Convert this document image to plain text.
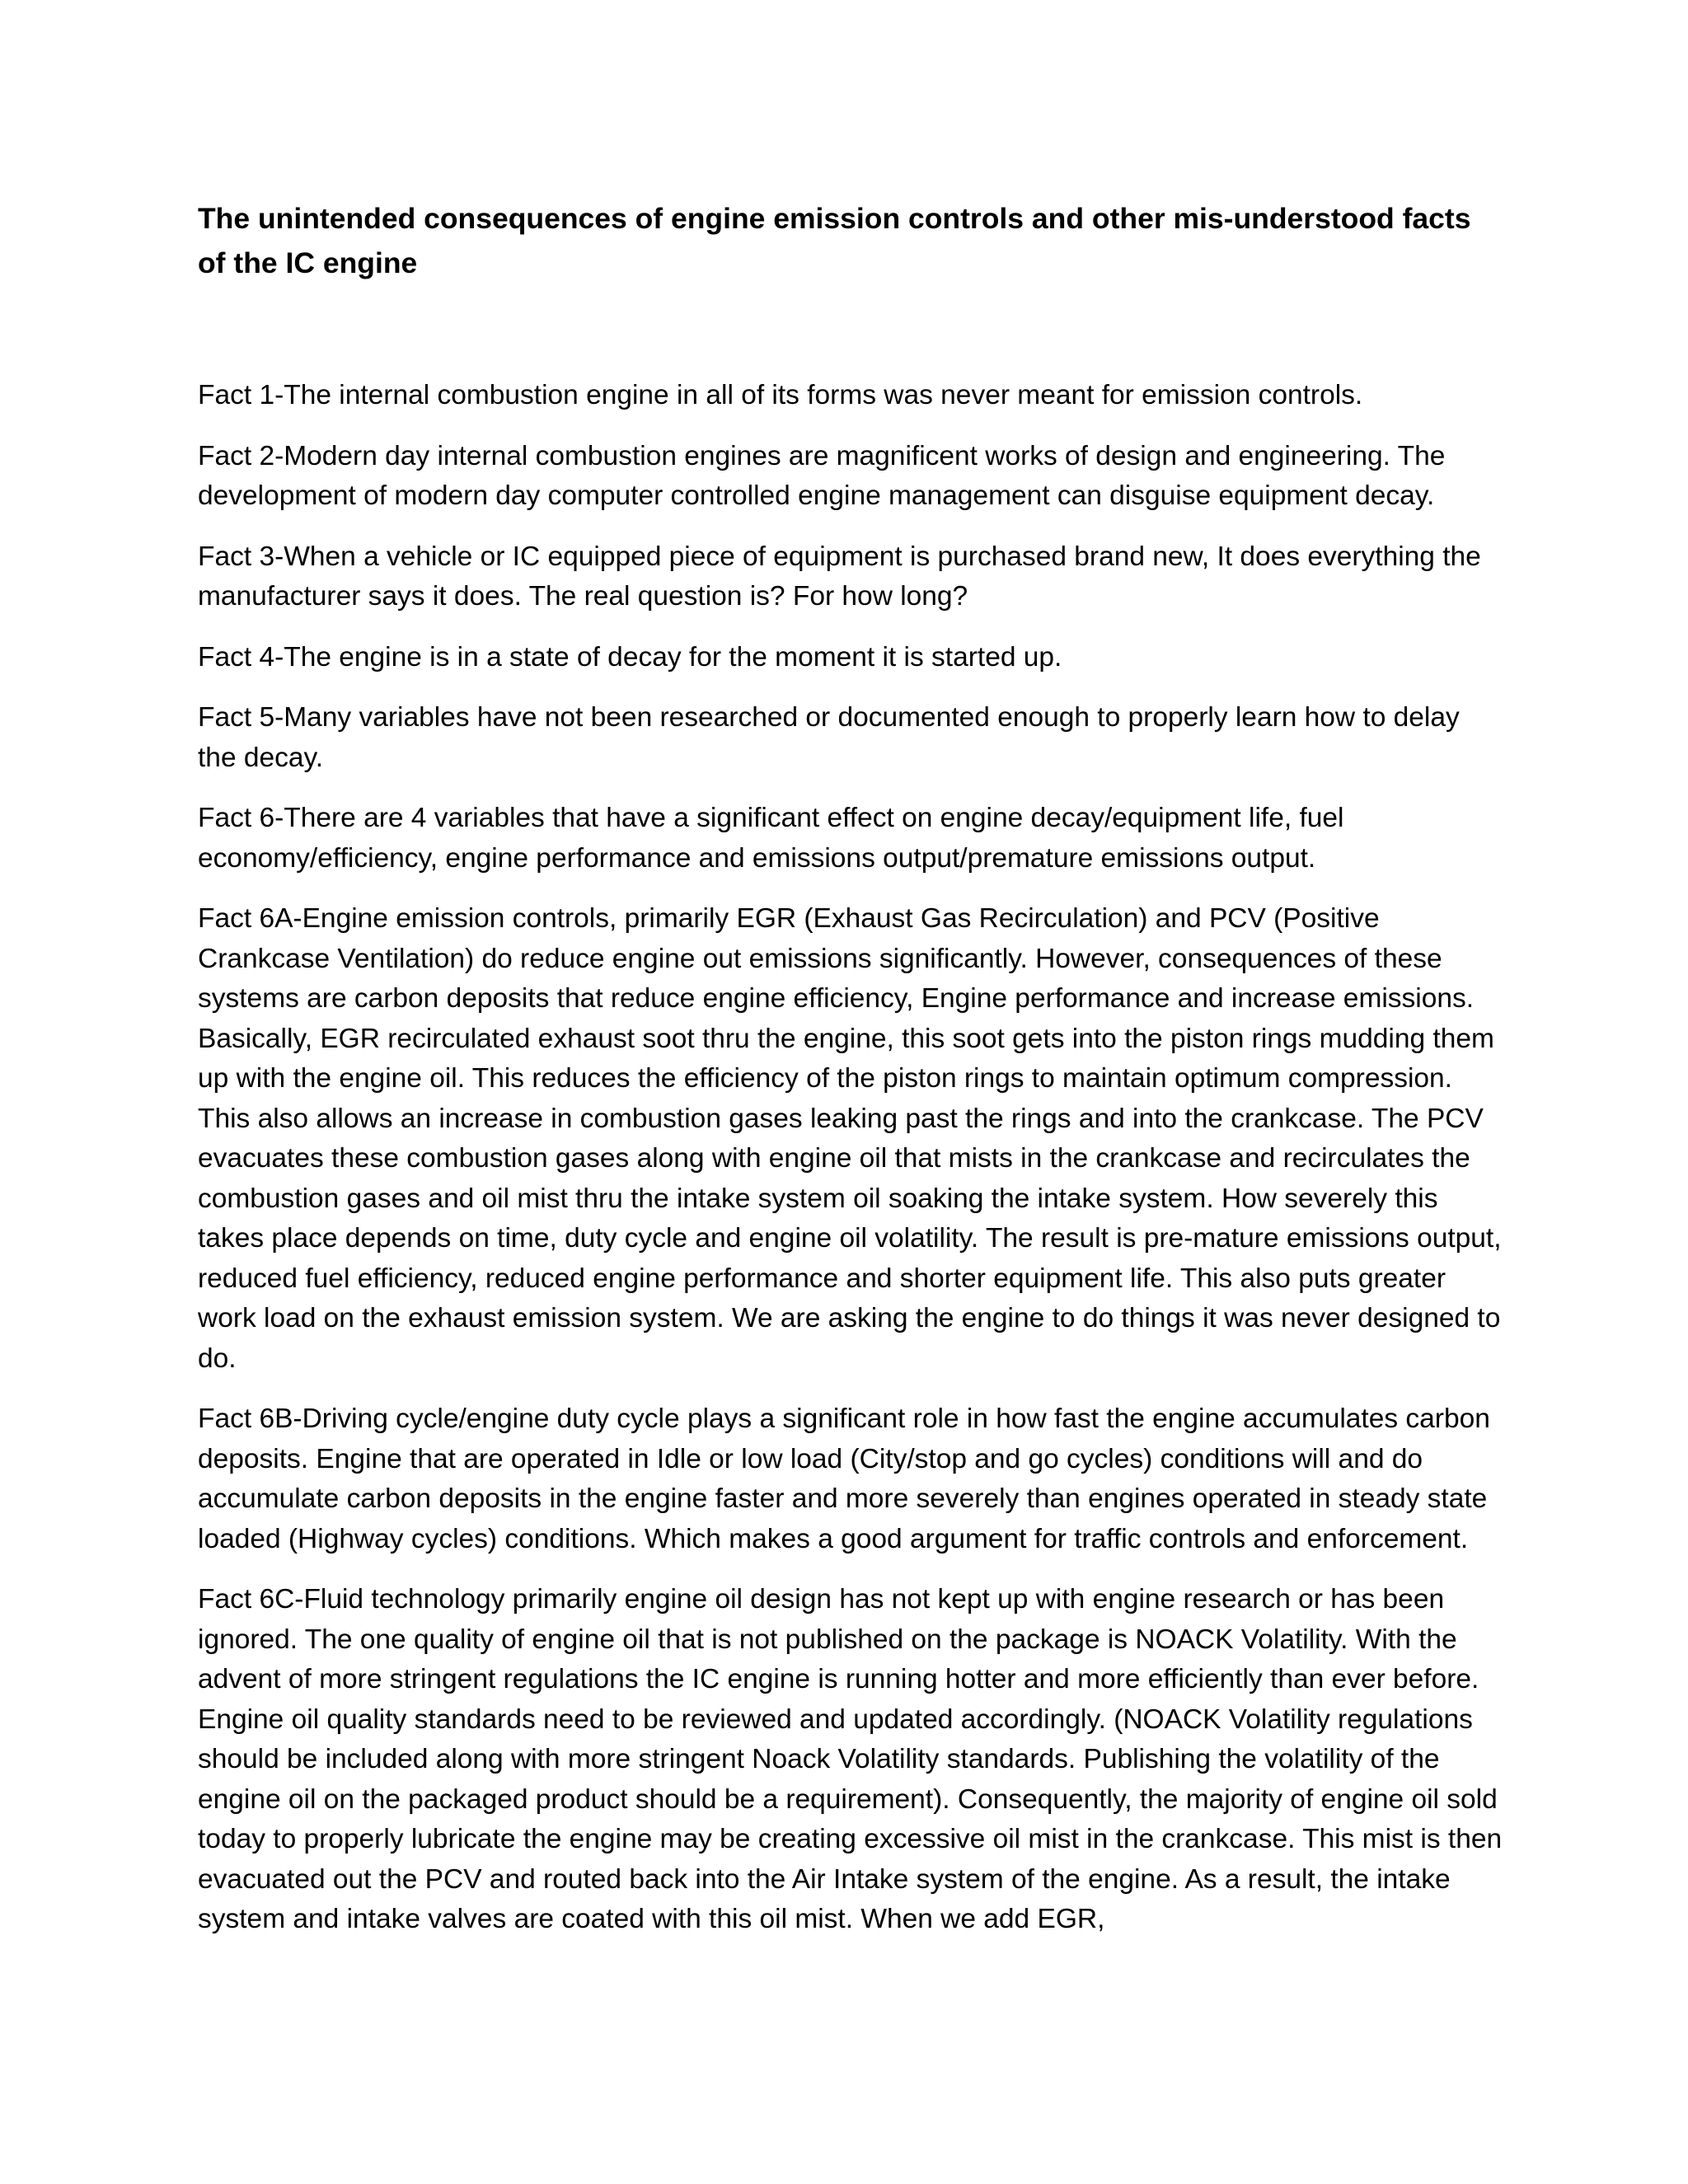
The unintended consequences of engine emission controls and other mis-understood facts of the IC engine

Fact 1-The internal combustion engine in all of its forms was never meant for emission controls.

Fact 2-Modern day internal combustion engines are magnificent works of design and engineering. The development of modern day computer controlled engine management can disguise equipment decay.

Fact 3-When a vehicle or IC equipped piece of equipment is purchased brand new, It does everything the manufacturer says it does. The real question is? For how long?

Fact 4-The engine is in a state of decay for the moment it is started up.

Fact 5-Many variables have not been researched or documented enough to properly learn how to delay the decay.

Fact 6-There are 4 variables that have a significant effect on engine decay/equipment life, fuel economy/efficiency, engine performance and emissions output/premature emissions output.

Fact 6A-Engine emission controls, primarily EGR (Exhaust Gas Recirculation) and PCV (Positive Crankcase Ventilation) do reduce engine out emissions significantly. However, consequences of these systems are carbon deposits that reduce engine efficiency, Engine performance and increase emissions. Basically, EGR recirculated exhaust soot thru the engine, this soot gets into the piston rings mudding them up with the engine oil. This reduces the efficiency of the piston rings to maintain optimum compression. This also allows an increase in combustion gases leaking past the rings and into the crankcase. The PCV evacuates these combustion gases along with engine oil that mists in the crankcase and recirculates the combustion gases and oil mist thru the intake system oil soaking the intake system. How severely this takes place depends on time, duty cycle and engine oil volatility. The result is pre-mature emissions output, reduced fuel efficiency, reduced engine performance and shorter equipment life. This also puts greater work load on the exhaust emission system. We are asking the engine to do things it was never designed to do.

Fact 6B-Driving cycle/engine duty cycle plays a significant role in how fast the engine accumulates carbon deposits. Engine that are operated in Idle or low load (City/stop and go cycles) conditions will and do accumulate carbon deposits in the engine faster and more severely than engines operated in steady state loaded (Highway cycles) conditions. Which makes a good argument for traffic controls and enforcement.

Fact 6C-Fluid technology primarily engine oil design has not kept up with engine research or has been ignored. The one quality of engine oil that is not published on the package is NOACK Volatility. With the advent of more stringent regulations the IC engine is running hotter and more efficiently than ever before. Engine oil quality standards need to be reviewed and updated accordingly. (NOACK Volatility regulations should be included along with more stringent Noack Volatility standards. Publishing the volatility of the engine oil on the packaged product should be a requirement). Consequently, the majority of engine oil sold today to properly lubricate the engine may be creating excessive oil mist in the crankcase. This mist is then evacuated out the PCV and routed back into the Air Intake system of the engine. As a result, the intake system and intake valves are coated with this oil mist. When we add EGR,
